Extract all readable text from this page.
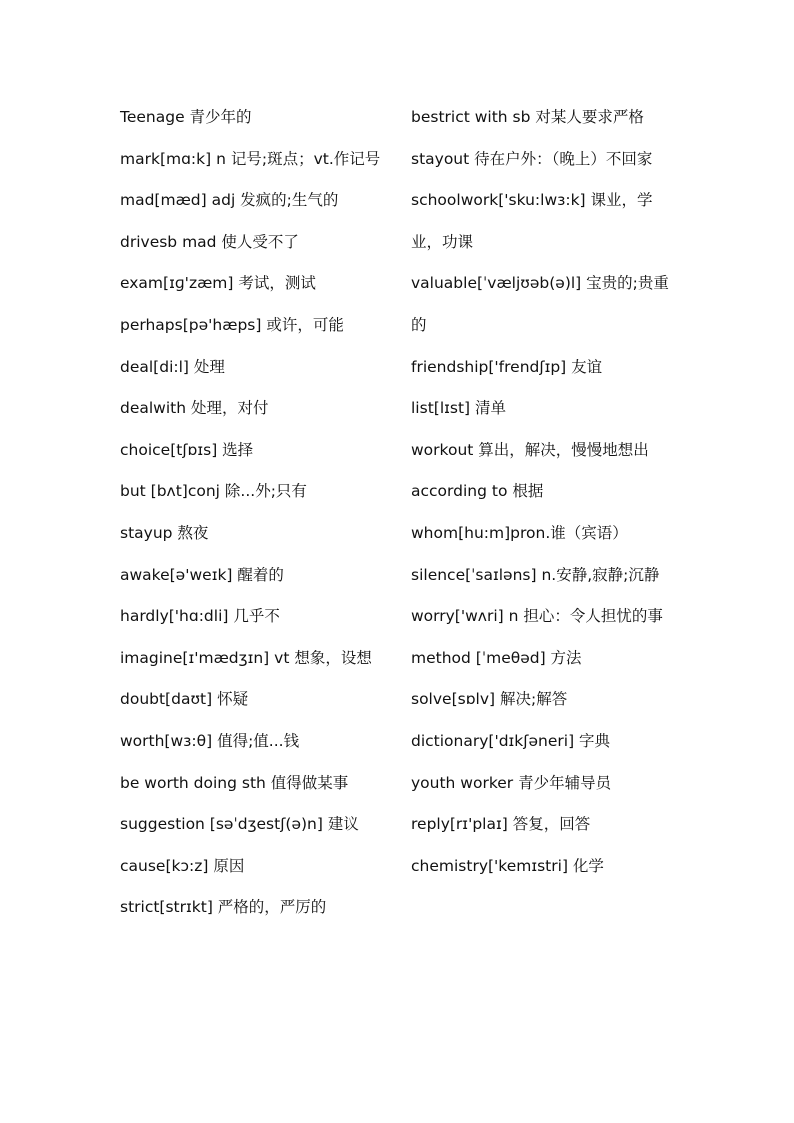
Teenage 青少年的
mark[mɑ:k] n 记号;斑点；vt.作记号
mad[mæd] adj 发疯的;生气的
drivesb mad 使人受不了
exam[ɪɡ'zæm] 考试，测试
perhaps[pə'hæps] 或许，可能
deal[di:l] 处理
dealwith 处理，对付
choice[tʃɒɪs] 选择
but [bʌt]conj 除...外;只有
stayup 熬夜
awake[ə'weɪk] 醒着的
hardly['hɑ:dli] 几乎不
imagine[ɪ'mædʒɪn] vt 想象，设想
doubt[daʊt] 怀疑
worth[wɜ:θ] 值得;值...钱
be worth doing sth 值得做某事
suggestion [səˈdʒestʃ(ə)n] 建议
cause[kɔ:z] 原因
strict[strɪkt] 严格的，严厉的
bestrict with sb 对某人要求严格
stayout 待在户外：（晚上）不回家
schoolwork['sku:lwɜ:k] 课业，学业，功课
valuable[ˈvæljʊəb(ə)l] 宝贵的;贵重的
friendship['frendʃɪp] 友谊
list[lɪst] 清单
workout 算出，解决，慢慢地想出
according to 根据
whom[hu:m]pron.谁（宾语）
silence[ˈsaɪləns] n.安静,寂静;沉静
worry['wʌri] n 担心：令人担忧的事
method [ˈmeθəd] 方法
solve[sɒlv] 解决;解答
dictionary['dɪkʃəneri] 字典
youth worker 青少年辅导员
reply[rɪ'plaɪ] 答复，回答
chemistry['kemɪstri] 化学
